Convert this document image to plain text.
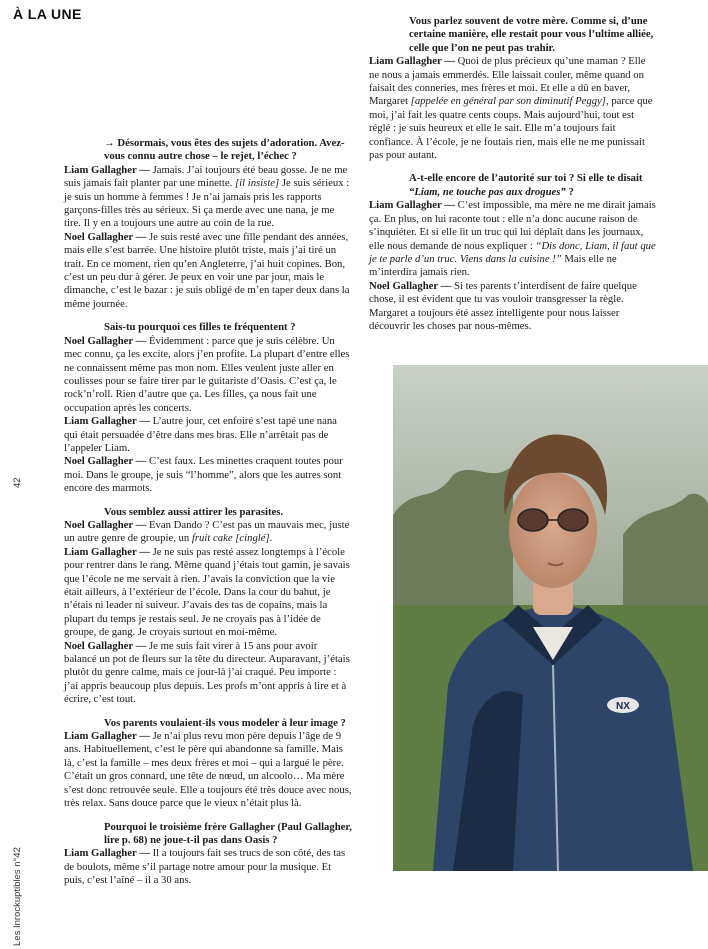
À LA UNE
42
Les Inrockuptibles n°42

→ Désormais, vous êtes des sujets d’adoration. Avez-vous connu autre chose – le rejet, l’échec ?

Liam Gallagher — Jamais. J’ai toujours été beau gosse. Je ne me suis jamais fait planter par une minette. [il insiste] Je suis sérieux : je suis un homme à femmes ! Je n’ai jamais pris les rapports garçons-filles très au sérieux. Si ça merde avec une nana, je me tire. Il y en a toujours une autre au coin de la rue.

Noel Gallagher — Je suis resté avec une fille pendant des années, mais elle s’est barrée. Une histoire plutôt triste, mais j’ai tiré un trait. En ce moment, rien qu’en Angleterre, j’ai huit copines. Bon, c’est un peu dur à gérer. Je peux en voir une par jour, mais le dimanche, c’est le bazar : je suis obligé de m’en taper deux dans la même journée.

Sais-tu pourquoi ces filles te fréquentent ?

Noel Gallagher — Évidemment : parce que je suis célèbre. Un mec connu, ça les excite, alors j’en profite. La plupart d’entre elles ne connaissent même pas mon nom. Elles veulent juste aller en coulisses pour se faire tirer par le guitariste d’Oasis. C’est ça, le rock’n’roll. Rien d’autre que ça. Les filles, ça nous fait une occupation après les concerts.

Liam Gallagher — L’autre jour, cet enfoiré s’est tapé une nana qui était persuadée d’être dans mes bras. Elle n’arrêtait pas de l’appeler Liam.

Noel Gallagher — C’est faux. Les minettes craquent toutes pour moi. Dans le groupe, je suis “l’homme”, alors que les autres sont encore des marmots.

Vous semblez aussi attirer les parasites.

Noel Gallagher — Evan Dando ? C’est pas un mauvais mec, juste un autre genre de groupie, un fruit cake [cinglé].

Liam Gallagher — Je ne suis pas resté assez longtemps à l’école pour rentrer dans le rang. Même quand j’étais tout gamin, je savais que l’école ne me servait à rien. J’avais la conviction que la vie était ailleurs, à l’extérieur de l’école. Dans la cour du bahut, je n’étais ni leader ni suiveur. J’avais des tas de copains, mais la plupart du temps je restais seul. Je ne croyais pas à l’idée de groupe, de gang. Je croyais surtout en moi-même.

Noel Gallagher — Je me suis fait virer à 15 ans pour avoir balancé un pot de fleurs sur la tête du directeur. Auparavant, j’étais plutôt du genre calme, mais ce jour-là j’ai craqué. Peu importe : j’ai appris beaucoup plus depuis. Les profs m’ont appris à lire et à écrire, c’est tout.

Vos parents voulaient-ils vous modeler à leur image ?

Liam Gallagher — Je n’ai plus revu mon père depuis l’âge de 9 ans. Habituellement, c’est le père qui abandonne sa famille. Mais là, c’est la famille – mes deux frères et moi – qui a largué le père. C’était un gros connard, une tête de nœud, un alcoolo… Ma mère s’est donc retrouvée seule. Elle a toujours été très douce avec nous, très relax. Sans douce parce que le vieux n’était plus là.

Pourquoi le troisième frère Gallagher (Paul Gallagher, lire p. 68) ne joue-t-il pas dans Oasis ?

Liam Gallagher — Il a toujours fait ses trucs de son côté, des tas de boulots, même s’il partage notre amour pour la musique. Et puis, c’est l’aîné – il a 30 ans.

Vous parlez souvent de votre mère. Comme si, d’une certaine manière, elle restait pour vous l’ultime alliée, celle que l’on ne peut pas trahir.

Liam Gallagher — Quoi de plus précieux qu’une maman ? Elle ne nous a jamais emmerdés. Elle laissait couler, même quand on faisait des conneries, mes frères et moi. Et elle a dû en baver, Margaret [appelée en général par son diminutif Peggy], parce que moi, j’ai fait les quatre cents coups. Mais aujourd’hui, tout est réglé : je suis heureux et elle le sait. Elle m’a toujours fait confiance. À l’école, je ne foutais rien, mais elle ne me punissait pas pour autant.

A-t-elle encore de l’autorité sur toi ? Si elle te disait “Liam, ne touche pas aux drogues” ?

Liam Gallagher — C’est impossible, ma mère ne me dirait jamais ça. En plus, on lui raconte tout : elle n’a donc aucune raison de s’inquiéter. Et si elle lit un truc qui lui déplaît dans les journaux, elle nous demande de nous expliquer : “Dis donc, Liam, il faut que je te parle d’un truc. Viens dans la cuisine !” Mais elle ne m’interdira jamais rien.

Noel Gallagher — Si tes parents t’interdisent de faire quelque chose, il est évident que tu vas vouloir transgresser la règle. Margaret a toujours été assez intelligente pour nous laisser découvrir les choses par nous-mêmes.

NX
